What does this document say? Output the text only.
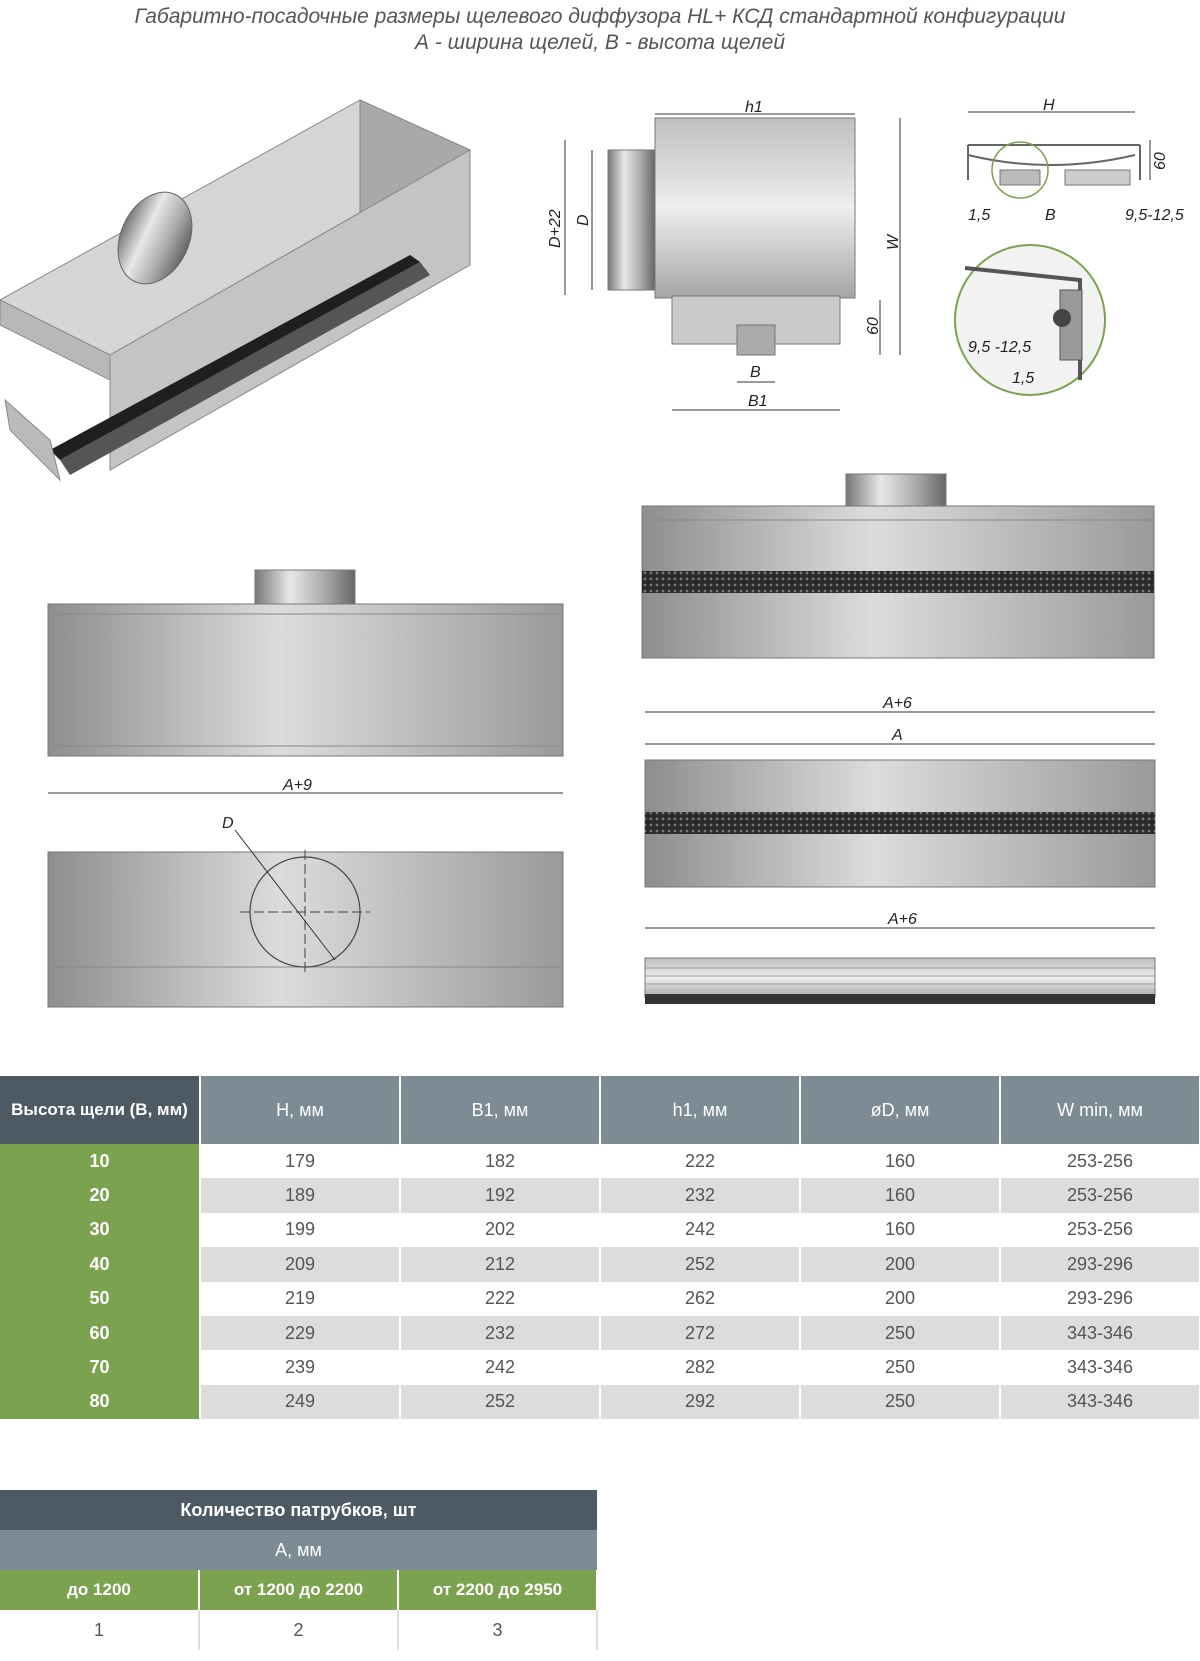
Габаритно-посадочные размеры щелевого диффузора HL+ КСД стандартной конфигурации
А - ширина щелей, В - высота щелей
h1
D+22 D
W
60
B
B1
H
60
1,5	B	9,5-12,5
9,5 -12,5
1,5
A+9
D
A+6
A
A+6
Высота щели (В, мм)	H, мм	B1, мм	h1, мм	øD, мм	W min, мм
10	179	182	222	160	253-256
20	189	192	232	160	253-256
30	199	202	242	160	253-256
40	209	212	252	200	293-296
50	219	222	262	200	293-296
60	229	232	272	250	343-346
70	239	242	282	250	343-346
80	249	252	292	250	343-346
Количество патрубков, шт		
А, мм		
до 1200	от 1200 до 2200	от 2200 до 2950
1	2	3
